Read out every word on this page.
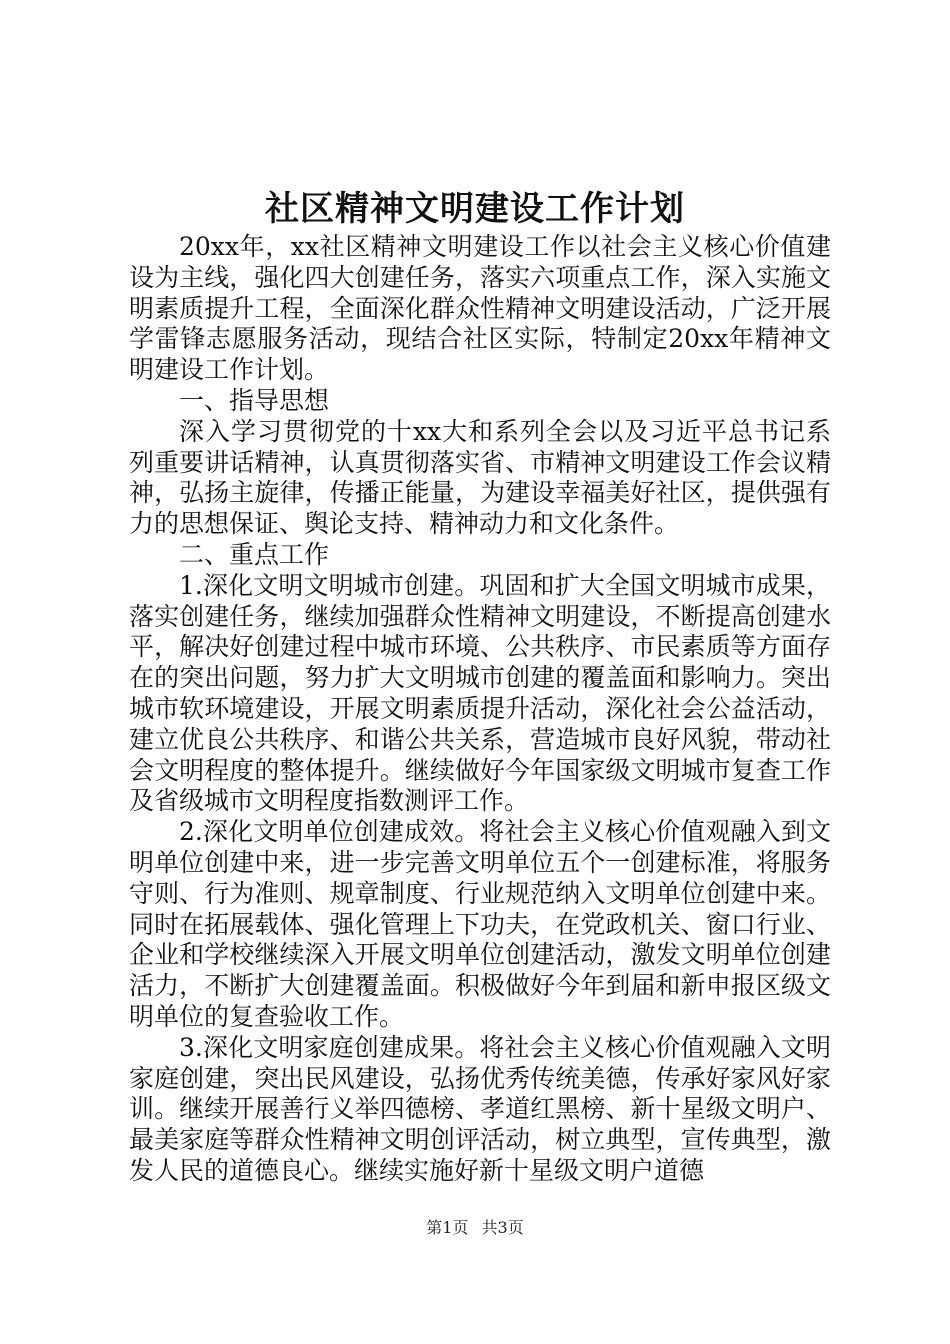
社区精神文明建设工作计划

20xx年，xx社区精神文明建设工作以社会主义核心价值建设为主线，强化四大创建任务，落实六项重点工作，深入实施文明素质提升工程，全面深化群众性精神文明建设活动，广泛开展学雷锋志愿服务活动，现结合社区实际，特制定20xx年精神文明建设工作计划。

一、指导思想

深入学习贯彻党的十xx大和系列全会以及习近平总书记系列重要讲话精神，认真贯彻落实省、市精神文明建设工作会议精神，弘扬主旋律，传播正能量，为建设幸福美好社区，提供强有力的思想保证、舆论支持、精神动力和文化条件。

二、重点工作

1.深化文明文明城市创建。巩固和扩大全国文明城市成果，落实创建任务，继续加强群众性精神文明建设，不断提高创建水平，解决好创建过程中城市环境、公共秩序、市民素质等方面存在的突出问题，努力扩大文明城市创建的覆盖面和影响力。突出城市软环境建设，开展文明素质提升活动，深化社会公益活动，建立优良公共秩序、和谐公共关系，营造城市良好风貌，带动社会文明程度的整体提升。继续做好今年国家级文明城市复查工作及省级城市文明程度指数测评工作。

2.深化文明单位创建成效。将社会主义核心价值观融入到文明单位创建中来，进一步完善文明单位五个一创建标准，将服务守则、行为准则、规章制度、行业规范纳入文明单位创建中来。同时在拓展载体、强化管理上下功夫，在党政机关、窗口行业、企业和学校继续深入开展文明单位创建活动，激发文明单位创建活力，不断扩大创建覆盖面。积极做好今年到届和新申报区级文明单位的复查验收工作。

3.深化文明家庭创建成果。将社会主义核心价值观融入文明家庭创建，突出民风建设，弘扬优秀传统美德，传承好家风好家训。继续开展善行义举四德榜、孝道红黑榜、新十星级文明户、最美家庭等群众性精神文明创评活动，树立典型，宣传典型，激发人民的道德良心。继续实施好新十星级文明户道德

第1页 共3页
